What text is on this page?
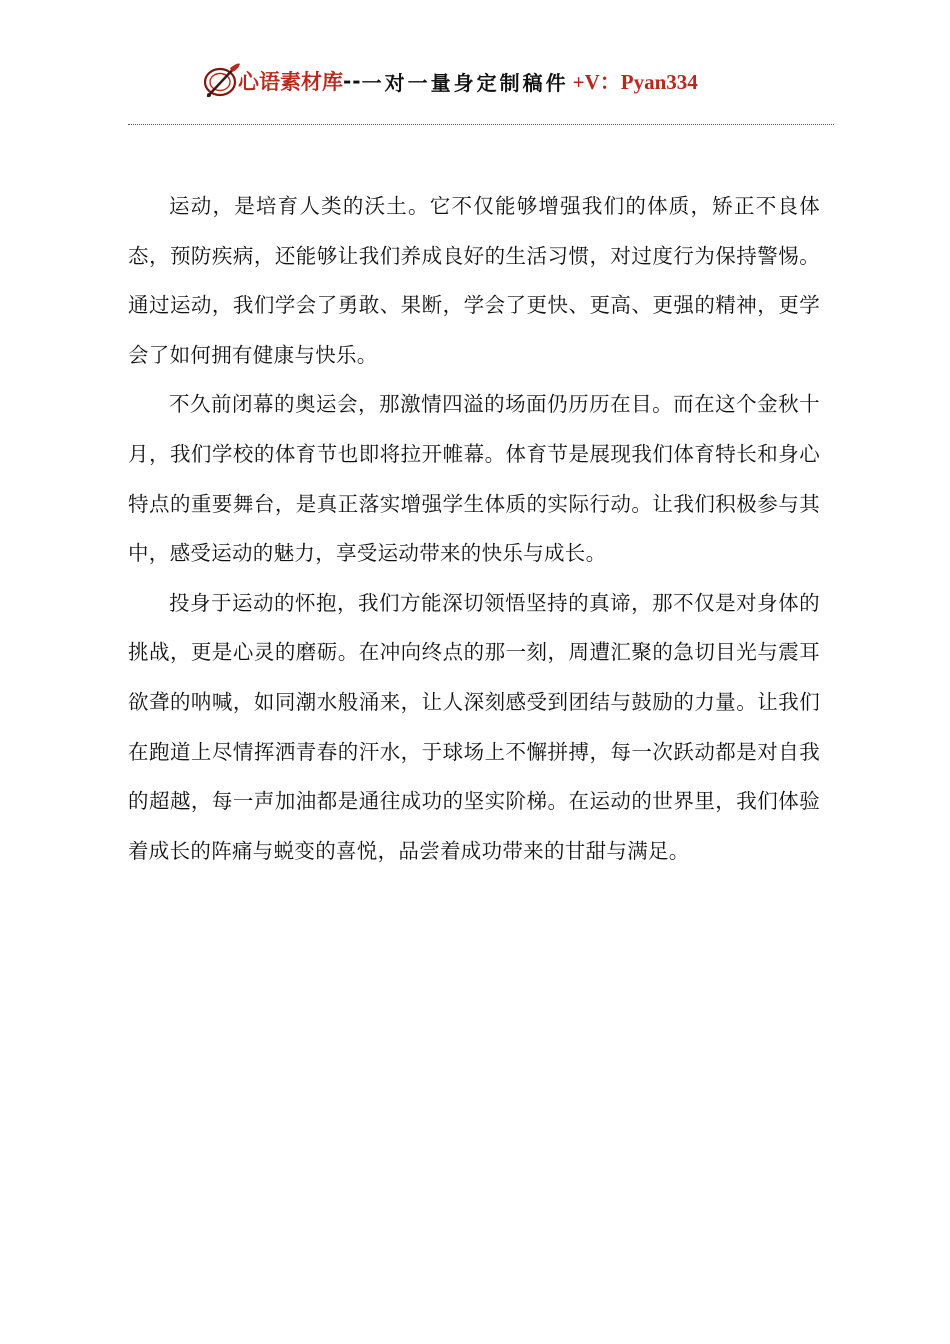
心语素材库 -- 一对一量身定制稿件 +V：Pyan334

运动，是培育人类的沃土。它不仅能够增强我们的体质，矫正不良体态，预防疾病，还能够让我们养成良好的生活习惯，对过度行为保持警惕。通过运动，我们学会了勇敢、果断，学会了更快、更高、更强的精神，更学会了如何拥有健康与快乐。

不久前闭幕的奥运会，那激情四溢的场面仍历历在目。而在这个金秋十月，我们学校的体育节也即将拉开帷幕。体育节是展现我们体育特长和身心特点的重要舞台，是真正落实增强学生体质的实际行动。让我们积极参与其中，感受运动的魅力，享受运动带来的快乐与成长。

投身于运动的怀抱，我们方能深切领悟坚持的真谛，那不仅是对身体的挑战，更是心灵的磨砺。在冲向终点的那一刻，周遭汇聚的急切目光与震耳欲聋的呐喊，如同潮水般涌来，让人深刻感受到团结与鼓励的力量。让我们在跑道上尽情挥洒青春的汗水，于球场上不懈拼搏，每一次跃动都是对自我的超越，每一声加油都是通往成功的坚实阶梯。在运动的世界里，我们体验着成长的阵痛与蜕变的喜悦，品尝着成功带来的甘甜与满足。
